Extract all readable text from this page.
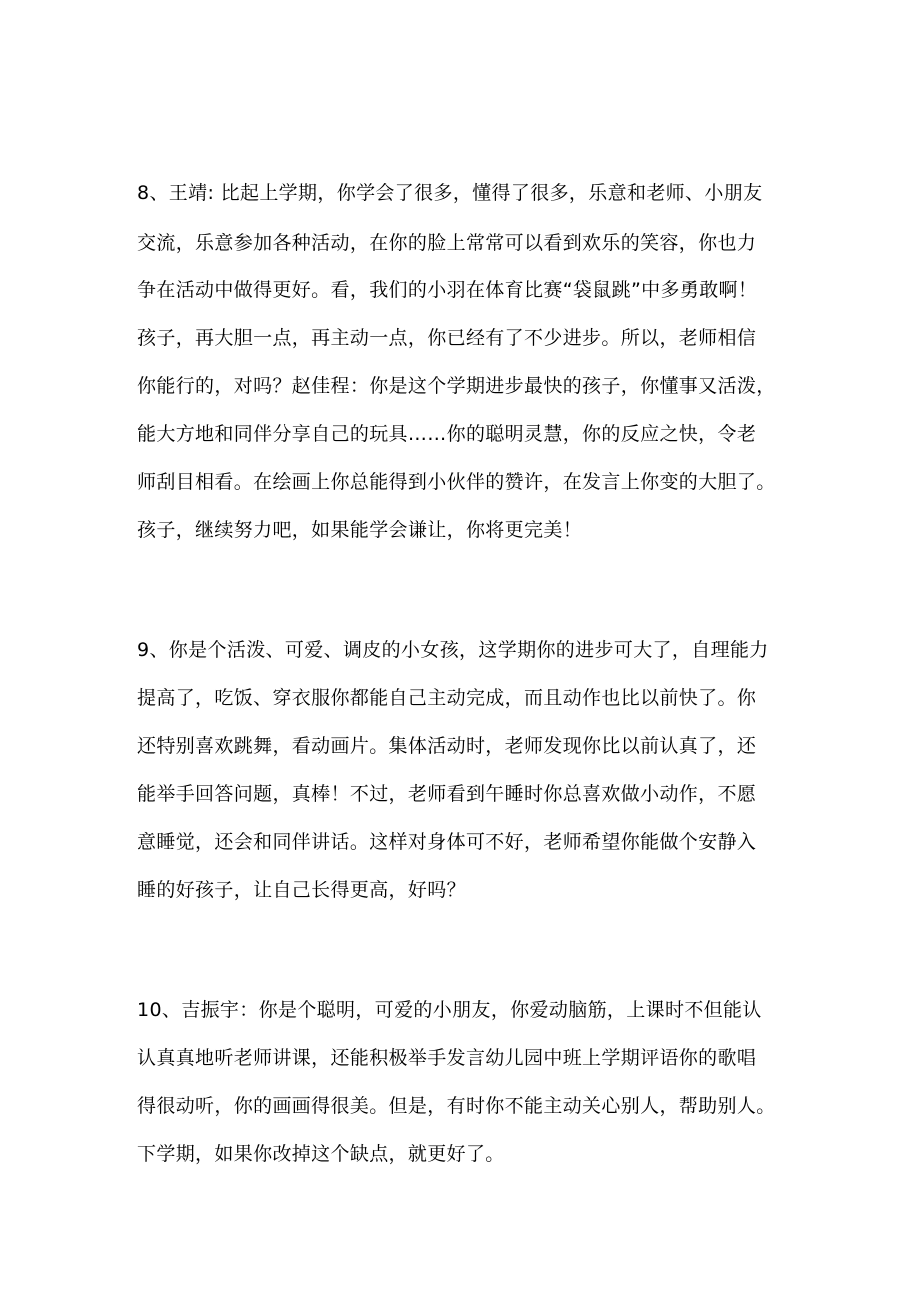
8、王靖: 比起上学期，你学会了很多，懂得了很多，乐意和老师、小朋友
交流，乐意参加各种活动，在你的脸上常常可以看到欢乐的笑容，你也力
争在活动中做得更好。看，我们的小羽在体育比赛“袋鼠跳”中多勇敢啊！
孩子，再大胆一点，再主动一点，你已经有了不少进步。所以，老师相信
你能行的，对吗？赵佳程：你是这个学期进步最快的孩子，你懂事又活泼，
能大方地和同伴分享自己的玩具……你的聪明灵慧，你的反应之快，令老
师刮目相看。在绘画上你总能得到小伙伴的赞许，在发言上你变的大胆了。
孩子，继续努力吧，如果能学会谦让，你将更完美！
9、你是个活泼、可爱、调皮的小女孩，这学期你的进步可大了，自理能力
提高了，吃饭、穿衣服你都能自己主动完成，而且动作也比以前快了。你
还特别喜欢跳舞，看动画片。集体活动时，老师发现你比以前认真了，还
能举手回答问题，真棒！不过，老师看到午睡时你总喜欢做小动作，不愿
意睡觉，还会和同伴讲话。这样对身体可不好，老师希望你能做个安静入
睡的好孩子，让自己长得更高，好吗？
10、吉振宇：你是个聪明，可爱的小朋友，你爱动脑筋，上课时不但能认
认真真地听老师讲课，还能积极举手发言幼儿园中班上学期评语你的歌唱
得很动听，你的画画得很美。但是，有时你不能主动关心别人，帮助别人。
下学期，如果你改掉这个缺点，就更好了。
